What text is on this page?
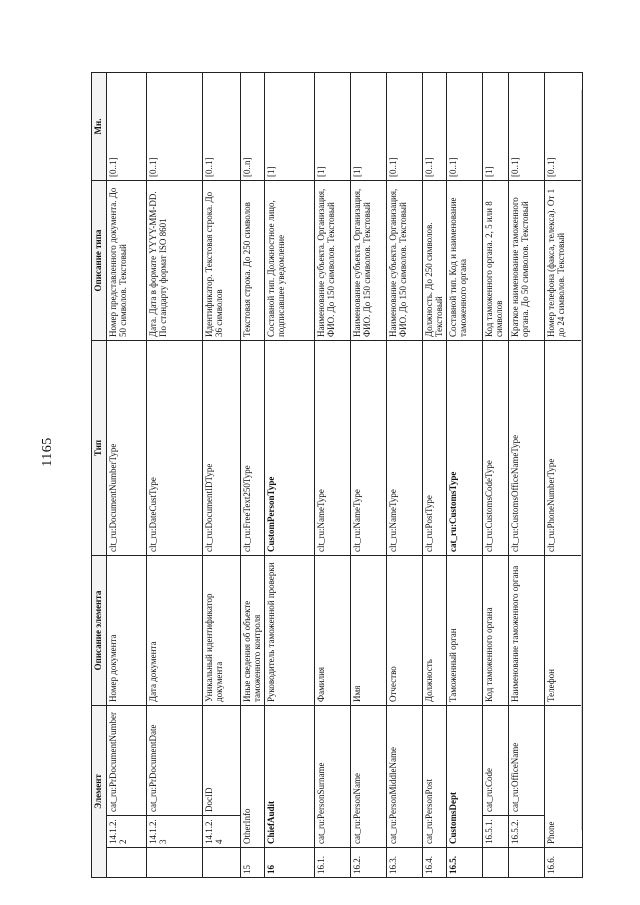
1165
Элемент			Описание элемента	Тип	Описание типа	Мн.
	14.1.2.2	cat_ru:PrDocumentNumber	Номер документа	clt_ru:DocumentNumberType	Номер представленного документа. До 50 символов. Текстовый	[0..1]
	14.1.2.3	cat_ru:PrDocumentDate	Дата документа	clt_ru:DateCustType	Дата. Дата в формате YYYY-MM-DD. По стандарту формат ISO 8601	[0..1]
	14.1.2.4	DocID	Уникальный идентификатор документа	clt_ru:DocumentIDType	Идентификатор. Текстовая строка. До 36 символов	[0..1]
15	OtherInfo		Иные сведения об объекте таможенного контроля	clt_ru:FreeText250Type	Текстовая строка. До 250 символов	[0..n]
16	ChiefAudit		Руководитель таможенной проверки	CustomPersonType	Составной тип. Должностное лицо, подписавшее уведомление	[1]
16.1.	cat_ru:PersonSurname		Фамилия	clt_ru:NameType	Наименование субъекта. Организация, ФИО. До 150 символов. Текстовый	[1]
16.2.	cat_ru:PersonName		Имя	clt_ru:NameType	Наименование субъекта. Организация, ФИО. До 150 символов. Текстовый	[1]
16.3.	cat_ru:PersonMiddleName		Отчество	clt_ru:NameType	Наименование субъекта. Организация, ФИО. До 150 символов. Текстовый	[0..1]
16.4.	cat_ru:PersonPost		Должность	clt_ru:PostType	Должность. До 250 символов. Текстовый	[0..1]
16.5.	CustomsDept		Таможенный орган	cat_ru:CustomsType	Составной тип. Код и наименование таможенного органа	[0..1]
	16.5.1.	cat_ru:Code	Код таможенного органа	clt_ru:CustomsCodeType	Код таможенного органа. 2, 5 или 8 символов	[1]
	16.5.2.	cat_ru:OfficeName	Наименование таможенного органа	clt_ru:CustomsOfficeNameType	Краткое наименование таможенного органа. До 50 символов. Текстовый	[0..1]
16.6.	Phone		Телефон	clt_ru:PhoneNumberType	Номер телефона (факса, телекса). От 1 до 24 символов. Текстовый	[0..1]
